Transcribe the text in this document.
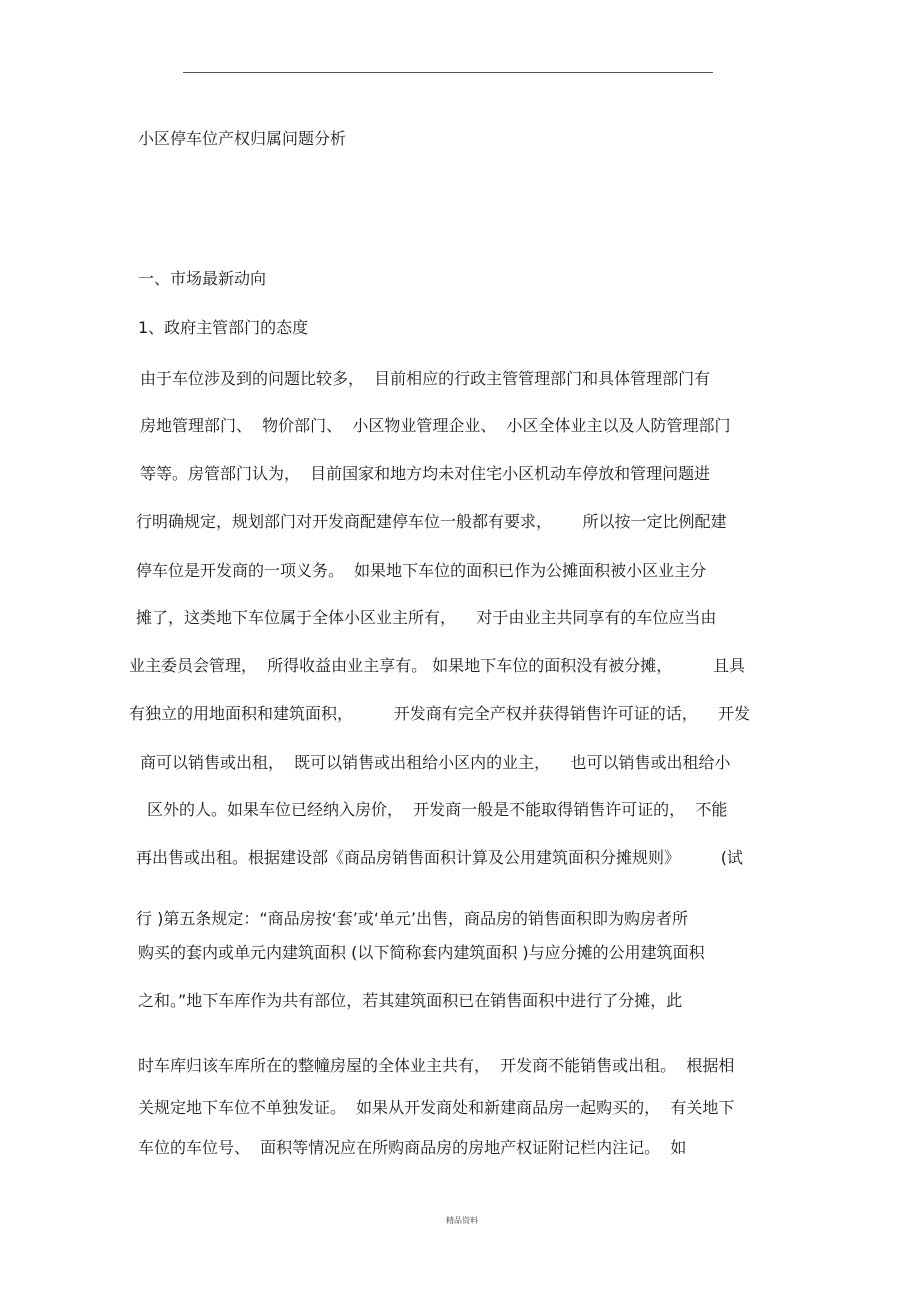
小区停车位产权归属问题分析
一、市场最新动向
1、政府主管部门的态度
由于车位涉及到的问题比较多，  目前相应的行政主管管理部门和具体管理部门有
房地管理部门、  物价部门、  小区物业管理企业、  小区全体业主以及人防管理部门
等等。房管部门认为，  目前国家和地方均未对住宅小区机动车停放和管理问题进
行明确规定，规划部门对开发商配建停车位一般都有要求，      所以按一定比例配建
停车位是开发商的一项义务。  如果地下车位的面积已作为公摊面积被小区业主分
摊了，这类地下车位属于全体小区业主所有，    对于由业主共同享有的车位应当由
业主委员会管理，  所得收益由业主享有。 如果地下车位的面积没有被分摊，        且具
有独立的用地面积和建筑面积，        开发商有完全产权并获得销售许可证的话，    开发
商可以销售或出租，  既可以销售或出租给小区内的业主，    也可以销售或出租给小
区外的人。如果车位已经纳入房价，  开发商一般是不能取得销售许可证的，  不能
再出售或出租。根据建设部《商品房销售面积计算及公用建筑面积分摊规则》        (试
行 )第五条规定：“商品房按‘套’或‘单元’出售，商品房的销售面积即为购房者所
购买的套内或单元内建筑面积 (以下简称套内建筑面积 )与应分摊的公用建筑面积
之和。”地下车库作为共有部位，若其建筑面积已在销售面积中进行了分摊，此
时车库归该车库所在的整幢房屋的全体业主共有，  开发商不能销售或出租。  根据相
关规定地下车位不单独发证。  如果从开发商处和新建商品房一起购买的，  有关地下
车位的车位号、  面积等情况应在所购商品房的房地产权证附记栏内注记。  如
精品资料
